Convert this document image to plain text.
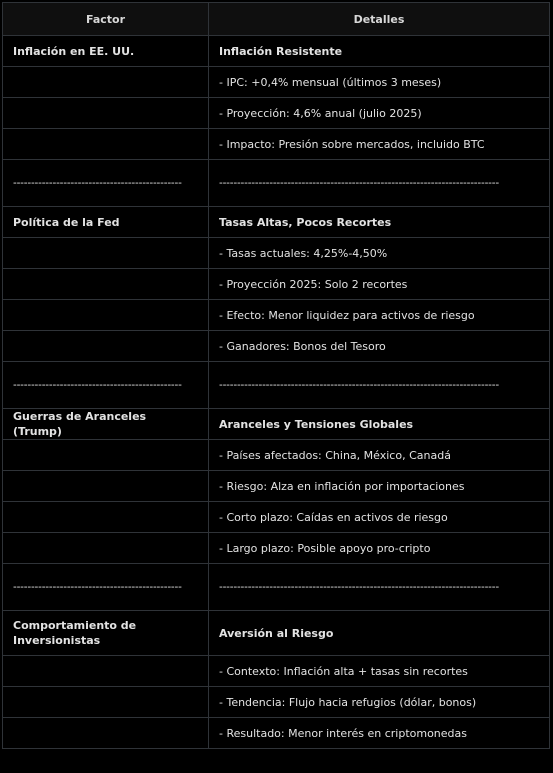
Factor	Detalles
Inflación en EE. UU.	Inflación Resistente
	- IPC: +0,4% mensual (últimos 3 meses)
	- Proyección: 4,6% anual (julio 2025)
	- Impacto: Presión sobre mercados, incluido BTC
-----------------------------------------------	------------------------------------------------------------------------------
Política de la Fed	Tasas Altas, Pocos Recortes
	- Tasas actuales: 4,25%-4,50%
	- Proyección 2025: Solo 2 recortes
	- Efecto: Menor liquidez para activos de riesgo
	- Ganadores: Bonos del Tesoro
-----------------------------------------------	------------------------------------------------------------------------------
Guerras de Aranceles (Trump)	Aranceles y Tensiones Globales
	- Países afectados: China, México, Canadá
	- Riesgo: Alza en inflación por importaciones
	- Corto plazo: Caídas en activos de riesgo
	- Largo plazo: Posible apoyo pro-cripto
-----------------------------------------------	------------------------------------------------------------------------------
Comportamiento de Inversionistas	Aversión al Riesgo
	- Contexto: Inflación alta + tasas sin recortes
	- Tendencia: Flujo hacia refugios (dólar, bonos)
	- Resultado: Menor interés en criptomonedas
